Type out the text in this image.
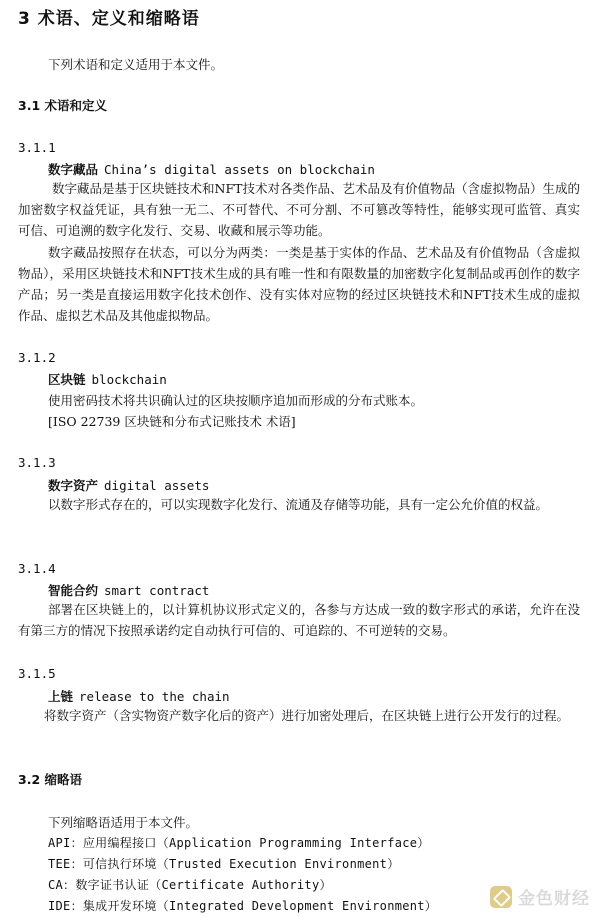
3 术语、定义和缩略语
下列术语和定义适用于本文件。
3.1 术语和定义
3.1.1
数字藏品 China’s digital assets on blockchain
数字藏品是基于区块链技术和NFT技术对各类作品、艺术品及有价值物品（含虚拟物品）生成的加密数字权益凭证，具有独一无二、不可替代、不可分割、不可篡改等特性，能够实现可监管、真实可信、可追溯的数字化发行、交易、收藏和展示等功能。
数字藏品按照存在状态，可以分为两类：一类是基于实体的作品、艺术品及有价值物品（含虚拟物品），采用区块链技术和NFT技术生成的具有唯一性和有限数量的加密数字化复制品或再创作的数字产品；另一类是直接运用数字化技术创作、没有实体对应物的经过区块链技术和NFT技术生成的虚拟作品、虚拟艺术品及其他虚拟物品。
3.1.2
区块链 blockchain
使用密码技术将共识确认过的区块按顺序追加而形成的分布式账本。
[ISO 22739 区块链和分布式记账技术 术语]
3.1.3
数字资产 digital assets
以数字形式存在的，可以实现数字化发行、流通及存储等功能，具有一定公允价值的权益。
3.1.4
智能合约 smart contract
部署在区块链上的，以计算机协议形式定义的，各参与方达成一致的数字形式的承诺，允许在没有第三方的情况下按照承诺约定自动执行可信的、可追踪的、不可逆转的交易。
3.1.5
上链 release to the chain
将数字资产（含实物资产数字化后的资产）进行加密处理后，在区块链上进行公开发行的过程。
3.2 缩略语
下列缩略语适用于本文件。
API：应用编程接口（Application Programming Interface）
TEE：可信执行环境（Trusted Execution Environment）
CA：数字证书认证（Certificate Authority）
IDE：集成开发环境（Integrated Development Environment）	金色财经
